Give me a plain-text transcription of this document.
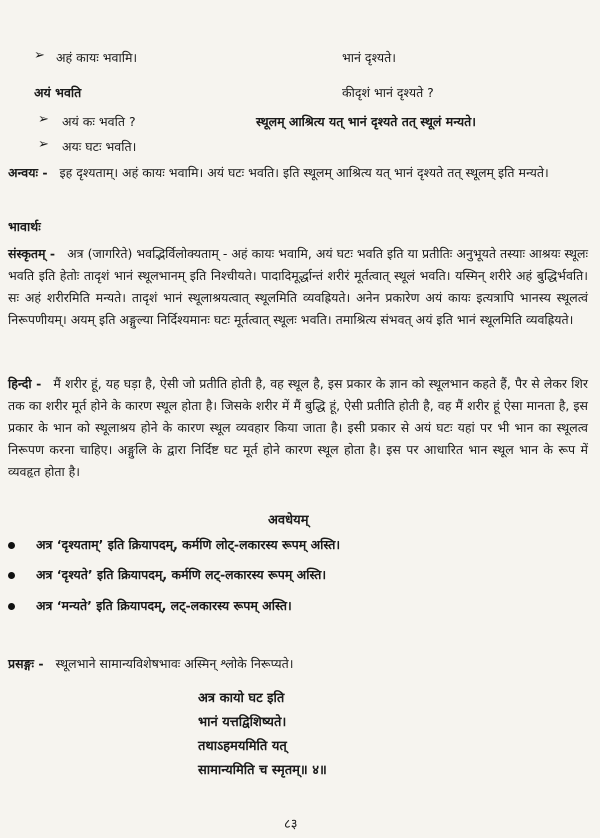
➢ अहं कायः भवामि।	भानं दृश्यते।
अयं भवति	कीदृशं भानं दृश्यते ?
➢ अयं कः भवति ?	स्थूलम् आश्रित्य यत् भानं दृश्यते तत् स्थूलं मन्यते।
➢ अयः घटः भवति।
अन्वयः - इह दृश्यताम्। अहं कायः भवामि। अयं घटः भवति। इति स्थूलम् आश्रित्य यत् भानं दृश्यते तत् स्थूलम् इति मन्यते।
भावार्थः
संस्कृतम् - अत्र (जागरिते) भवद्भिर्विलोक्यताम् - अहं कायः भवामि, अयं घटः भवति इति या प्रतीतिः अनुभूयते तस्याः आश्रयः स्थूलः भवति इति हेतोः तादृशं भानं स्थूलभानम् इति निश्चीयते। पादादिमूर्द्धान्तं शरीरं मूर्तत्वात् स्थूलं भवति। यस्मिन् शरीरे अहं बुद्धिर्भवति। सः अहं शरीरमिति मन्यते। तादृशं भानं स्थूलाश्रयत्वात् स्थूलमिति व्यवह्रियते। अनेन प्रकारेण अयं कायः इत्यत्रापि भानस्य स्थूलत्वं निरूपणीयम्। अयम् इति अङ्गुल्या निर्दिश्यमानः घटः मूर्तत्वात् स्थूलः भवति। तमाश्रित्य संभवत् अयं इति भानं स्थूलमिति व्यवह्रियते।
हिन्दी - मैं शरीर हूं, यह घड़ा है, ऐसी जो प्रतीति होती है, वह स्थूल है, इस प्रकार के ज्ञान को स्थूलभान कहते हैं, पैर से लेकर शिर तक का शरीर मूर्त होने के कारण स्थूल होता है। जिसके शरीर में मैं बुद्धि हूं, ऐसी प्रतीति होती है, वह मैं शरीर हूं ऐसा मानता है, इस प्रकार के भान को स्थूलाश्रय होने के कारण स्थूल व्यवहार किया जाता है। इसी प्रकार से अयं घटः यहां पर भी भान का स्थूलत्व निरूपण करना चाहिए। अङ्गुलि के द्वारा निर्दिष्ट घट मूर्त होने कारण स्थूल होता है। इस पर आधारित भान स्थूल भान के रूप में व्यवहृत होता है।
अवधेयम्
अत्र ‘दृश्यताम्’ इति क्रियापदम्, कर्मणि लोट्-लकारस्य रूपम् अस्ति।
अत्र ‘दृश्यते’ इति क्रियापदम्, कर्मणि लट्-लकारस्य रूपम् अस्ति।
अत्र ‘मन्यते’ इति क्रियापदम्, लट्-लकारस्य रूपम् अस्ति।
प्रसङ्गः - स्थूलभाने सामान्यविशेषभावः अस्मिन् श्लोके निरूप्यते।
अत्र कायो घट इति
भानं यत्तद्विशिष्यते।
तथाऽहमयमिति यत्
सामान्यमिति च स्मृतम्॥ ४॥
८३
